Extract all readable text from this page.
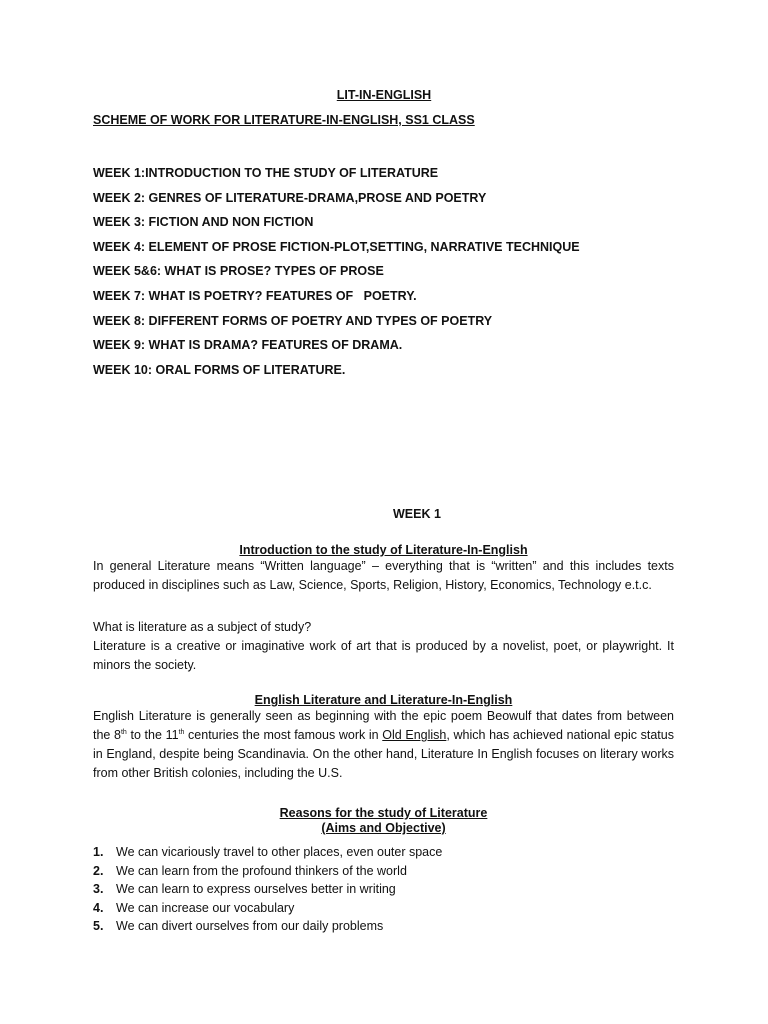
LIT-IN-ENGLISH
SCHEME OF WORK FOR LITERATURE-IN-ENGLISH, SS1 CLASS
WEEK 1:INTRODUCTION TO THE STUDY OF LITERATURE
WEEK 2: GENRES OF LITERATURE-DRAMA,PROSE AND POETRY
WEEK 3: FICTION AND NON FICTION
WEEK 4: ELEMENT OF PROSE FICTION-PLOT,SETTING, NARRATIVE TECHNIQUE
WEEK 5&6: WHAT IS PROSE? TYPES OF PROSE
WEEK 7: WHAT IS POETRY? FEATURES OF   POETRY.
WEEK 8: DIFFERENT FORMS OF POETRY AND TYPES OF POETRY
WEEK 9: WHAT IS DRAMA? FEATURES OF DRAMA.
WEEK 10: ORAL FORMS OF LITERATURE.
WEEK 1
Introduction to the study of Literature-In-English

In general Literature means “Written language” – everything that is “written” and this includes texts produced in disciplines such as Law, Science, Sports, Religion, History, Economics, Technology e.t.c.

What is literature as a subject of study?

Literature is a creative or imaginative work of art that is produced by a novelist, poet, or playwright. It minors the society.

English Literature and Literature-In-English

English Literature is generally seen as beginning with the epic poem Beowulf that dates from between the 8th to the 11th centuries the most famous work in Old English, which has achieved national epic status in England, despite being Scandinavia. On the other hand, Literature In English focuses on literary works from other British colonies, including the U.S.

Reasons for the study of Literature
(Aims and Objective)
1.	We can vicariously travel to other places, even outer space
2.	We can learn from the profound thinkers of the world
3.	We can learn to express ourselves better in writing
4.	We can increase our vocabulary
5.	We can divert ourselves from our daily problems
